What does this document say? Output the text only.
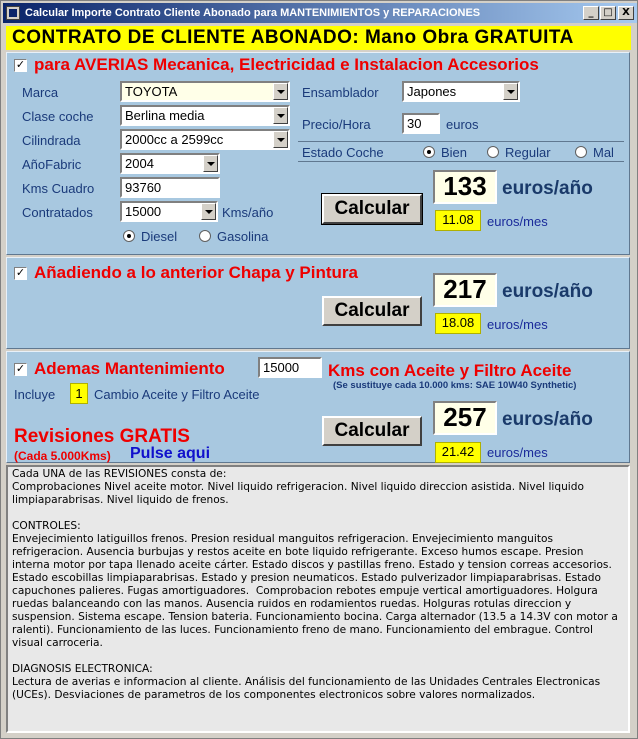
Calcular Importe Contrato Cliente Abonado para MANTENIMIENTOS y REPARACIONES	_ □ X
CONTRATO DE CLIENTE ABONADO: Mano Obra GRATUITA
✓ para AVERIAS Mecanica, Electricidad e Instalacion Accesorios
Marca	TOYOTA
Clase coche Berlina media
Cilindrada	2000cc a 2599cc
AñoFabric	2004
Kms Cuadro	93760
Contratados 15000	Kms/año
Diesel	Gasolina
Ensamblador Japones
Precio/Hora	30	euros
Estado Coche	Bien	Regular	Mal
Calcular
133 euros/año
11.08	euros/mes
✓ Añadiendo a lo anterior Chapa y Pintura
Calcular
217 euros/año
18.08 euros/mes
✓ Ademas Mantenimiento	15000	Kms con Aceite y Filtro Aceite
(Se sustituye cada 10.000 kms: SAE 10W40 Synthetic)
Incluye	1 Cambio Aceite y Filtro Aceite
Revisiones GRATIS
(Cada 5.000Kms) Pulse aqui
Calcular	257 euros/año
21.42 euros/mes

Cada UNA de las REVISIONES consta de:
Comprobaciones Nivel aceite motor. Nivel liquido refrigeracion. Nivel liquido direccion asistida. Nivel liquido limpiaparabrisas. Nivel liquido de frenos.

CONTROLES:
Envejecimiento latiguillos frenos. Presion residual manguitos refrigeracion. Envejecimiento manguitos refrigeracion. Ausencia burbujas y restos aceite en bote liquido refrigerante. Exceso humos escape. Presion interna motor por tapa llenado aceite cárter. Estado discos y pastillas freno. Estado y tension correas accesorios. Estado escobillas limpiaparabrisas. Estado y presion neumaticos. Estado pulverizador limpiaparabrisas. Estado capuchones palieres. Fugas amortiguadores.  Comprobacion rebotes empuje vertical amortiguadores. Holgura ruedas balanceando con las manos. Ausencia ruidos en rodamientos ruedas. Holguras rotulas direccion y suspension. Sistema escape. Tension bateria. Funcionamiento bocina. Carga alternador (13.5 a 14.3V con motor a ralenti). Funcionamiento de las luces. Funcionamiento freno de mano. Funcionamiento del embrague. Control visual carroceria.

DIAGNOSIS ELECTRONICA:
Lectura de averias e informacion al cliente. Análisis del funcionamiento de las Unidades Centrales Electronicas (UCEs). Desviaciones de parametros de los componentes electronicos sobre valores normalizados.
